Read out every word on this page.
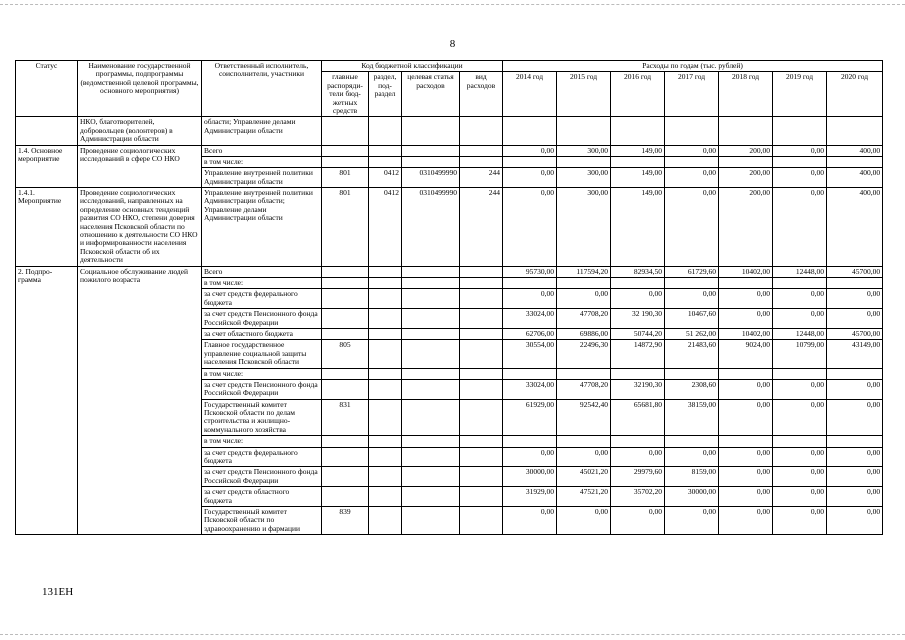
8
Статус	Наименование государственной программы, подпрограммы (ведомственной целевой программы, основного мероприятия)	Ответственный исполнитель, соисполнители, участники	Код бюджетной классификации				Расходы по годам (тыс. рублей)						
			главные распоряди- тели бюд- жетных средств	раздел, под- раздел	целевая статья расходов	вид расходов	2014 год	2015 год	2016 год	2017 год	2018 год	2019 год	2020 год
	НКО, благотворителей, добровольцев (волонтеров) в Администрации области	области; Управление делами Администрации области											
1.4. Основное мероприятие	Проведение социологических исследований в сфере СО НКО	Всего					0,00	300,00	149,00	0,00	200,00	0,00	400,00
		в том числе:											
		Управление внутренней политики Администрации области	801	0412	0310499990	244	0,00	300,00	149,00	0,00	200,00	0,00	400,00
1.4.1. Мероприятие	Проведение социологических исследований, направленных на определение основных тенденций развития СО НКО, степени доверия населения Псковской области по отношению к деятельности СО НКО и информированности населения Псковской области об их деятельности	Управление внутренней политики Администрации области; Управление делами Администрации области	801	0412	0310499990	244	0,00	300,00	149,00	0,00	200,00	0,00	400,00
2. Подпро- грамма	Социальное обслуживание людей пожилого возраста	Всего					95730,00	117594,20	82934,50	61729,60	10402,00	12448,00	45700,00
		в том числе:											
		за счет средств федерального бюджета					0,00	0,00	0,00	0,00	0,00	0,00	0,00
		за счет средств Пенсионного фонда Российской Федерации					33024,00	47708,20	32 190,30	10467,60	0,00	0,00	0,00
		за счет областного бюджета					62706,00	69886,00	50744,20	51 262,00	10402,00	12448,00	45700,00
		Главное государственное управление социальной защиты населения Псковской области	805				30554,00	22496,30	14872,90	21483,60	9024,00	10799,00	43149,00
		в том числе:											
		за счет средств Пенсионного фонда Российской Федерации					33024,00	47708,20	32190,30	2308,60	0,00	0,00	0,00
		Государственный комитет Псковской области по делам строительства и жилищно- коммунального хозяйства	831				61929,00	92542,40	65681,80	38159,00	0,00	0,00	0,00
		в том числе:											
		за счет средств федерального бюджета					0,00	0,00	0,00	0,00	0,00	0,00	0,00
		за счет средств Пенсионного фонда Российской Федерации					30000,00	45021,20	29979,60	8159,00	0,00	0,00	0,00
		за счет средств областного бюджета					31929,00	47521,20	35702,20	30000,00	0,00	0,00	0,00
		Государственный комитет Псковской области по здравоохранению и фармации	839				0,00	0,00	0,00	0,00	0,00	0,00	0,00
131ЕН
